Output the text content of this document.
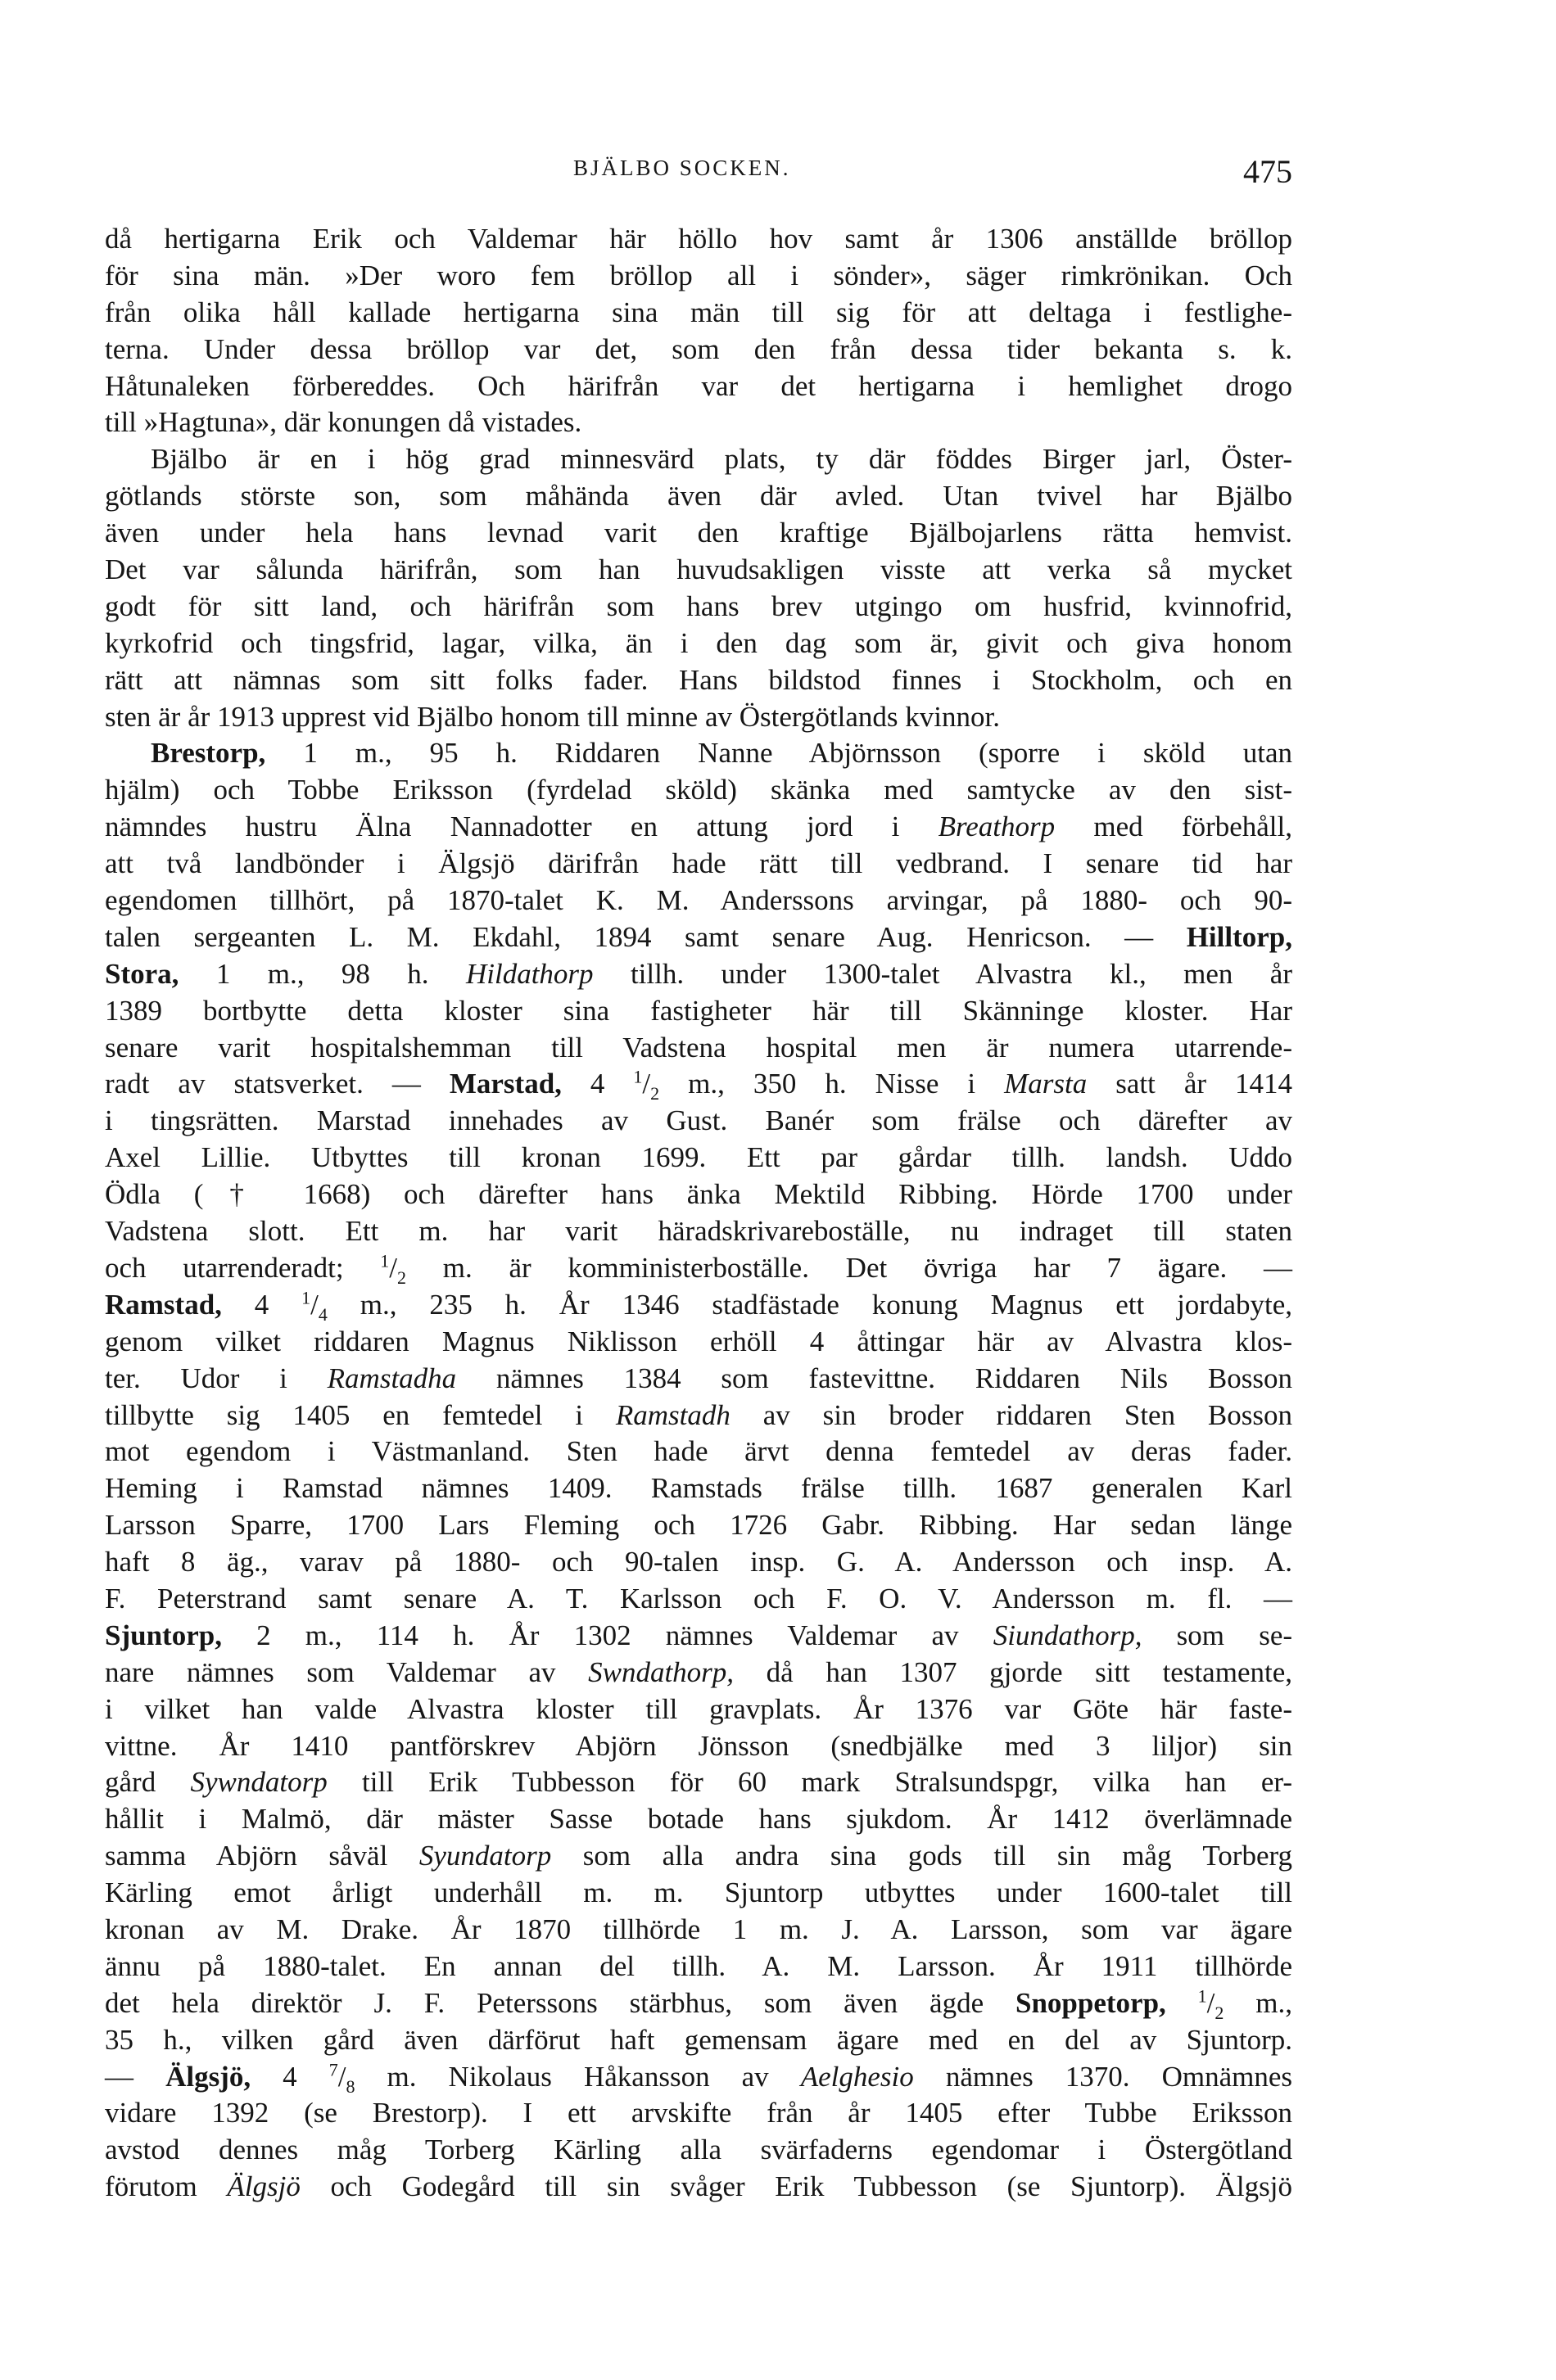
BJÄLBO SOCKEN.	475
då hertigarna Erik och Valdemar här höllo hov samt år 1306 anställde bröllop
för sina män. »Der woro fem bröllop all i sönder», säger rimkrönikan. Och
från olika håll kallade hertigarna sina män till sig för att deltaga i festlighe-
terna. Under dessa bröllop var det, som den från dessa tider bekanta s. k.
Håtunaleken förbereddes. Och härifrån var det hertigarna i hemlighet drogo
till »Hagtuna», där konungen då vistades.
Bjälbo är en i hög grad minnesvärd plats, ty där föddes Birger jarl, Öster-
götlands störste son, som måhända även där avled. Utan tvivel har Bjälbo
även under hela hans levnad varit den kraftige Bjälbojarlens rätta hemvist.
Det var sålunda härifrån, som han huvudsakligen visste att verka så mycket
godt för sitt land, och härifrån som hans brev utgingo om husfrid, kvinnofrid,
kyrkofrid och tingsfrid, lagar, vilka, än i den dag som är, givit och giva honom
rätt att nämnas som sitt folks fader. Hans bildstod finnes i Stockholm, och en
sten är år 1913 upprest vid Bjälbo honom till minne av Östergötlands kvinnor.
Brestorp, 1 m., 95 h. Riddaren Nanne Abjörnsson (sporre i sköld utan
hjälm) och Tobbe Eriksson (fyrdelad sköld) skänka med samtycke av den sist-
nämndes hustru Älna Nannadotter en attung jord i Breathorp med förbehåll,
att två landbönder i Älgsjö därifrån hade rätt till vedbrand. I senare tid har
egendomen tillhört, på 1870-talet K. M. Anderssons arvingar, på 1880- och 90-
talen sergeanten L. M. Ekdahl, 1894 samt senare Aug. Henricson. — Hilltorp,
Stora, 1 m., 98 h. Hildathorp tillh. under 1300-talet Alvastra kl., men år
1389 bortbytte detta kloster sina fastigheter här till Skänninge kloster. Har
senare varit hospitalshemman till Vadstena hospital men är numera utarrende-
radt av statsverket. — Marstad, 4 $^1/_2$ m., 350 h. Nisse i Marsta satt år 1414
i tingsrätten. Marstad innehades av Gust. Banér som frälse och därefter av
Axel Lillie. Utbyttes till kronan 1699. Ett par gårdar tillh. landsh. Uddo
Ödla († 1668) och därefter hans änka Mektild Ribbing. Hörde 1700 under
Vadstena slott. Ett m. har varit häradskrivareboställe, nu indraget till staten
och utarrenderadt; $^1/_2$ m. är komministerboställe. Det övriga har 7 ägare. —
Ramstad, 4 $^1/_4$ m., 235 h. År 1346 stadfästade konung Magnus ett jordabyte,
genom vilket riddaren Magnus Niklisson erhöll 4 åttingar här av Alvastra klos-
ter. Udor i Ramstadha nämnes 1384 som fastevittne. Riddaren Nils Bosson
tillbytte sig 1405 en femtedel i Ramstadh av sin broder riddaren Sten Bosson
mot egendom i Västmanland. Sten hade ärvt denna femtedel av deras fader.
Heming i Ramstad nämnes 1409. Ramstads frälse tillh. 1687 generalen Karl
Larsson Sparre, 1700 Lars Fleming och 1726 Gabr. Ribbing. Har sedan länge
haft 8 äg., varav på 1880- och 90-talen insp. G. A. Andersson och insp. A.
F. Peterstrand samt senare A. T. Karlsson och F. O. V. Andersson m. fl. —
Sjuntorp, 2 m., 114 h. År 1302 nämnes Valdemar av Siundathorp, som se-
nare nämnes som Valdemar av Swndathorp, då han 1307 gjorde sitt testamente,
i vilket han valde Alvastra kloster till gravplats. År 1376 var Göte här faste-
vittne. År 1410 pantförskrev Abjörn Jönsson (snedbjälke med 3 liljor) sin
gård Sywndatorp till Erik Tubbesson för 60 mark Stralsundspgr, vilka han er-
hållit i Malmö, där mäster Sasse botade hans sjukdom. År 1412 överlämnade
samma Abjörn såväl Syundatorp som alla andra sina gods till sin måg Torberg
Kärling emot årligt underhåll m. m. Sjuntorp utbyttes under 1600-talet till
kronan av M. Drake. År 1870 tillhörde 1 m. J. A. Larsson, som var ägare
ännu på 1880-talet. En annan del tillh. A. M. Larsson. År 1911 tillhörde
det hela direktör J. F. Peterssons stärbhus, som även ägde Snoppetorp, $^1/_2$ m.,
35 h., vilken gård även därförut haft gemensam ägare med en del av Sjuntorp.
— Älgsjö, 4 $^7/_8$ m. Nikolaus Håkansson av Aelghesio nämnes 1370. Omnämnes
vidare 1392 (se Brestorp). I ett arvskifte från år 1405 efter Tubbe Eriksson
avstod dennes måg Torberg Kärling alla svärfaderns egendomar i Östergötland
förutom Älgsjö och Godegård till sin svåger Erik Tubbesson (se Sjuntorp). Älgsjö
